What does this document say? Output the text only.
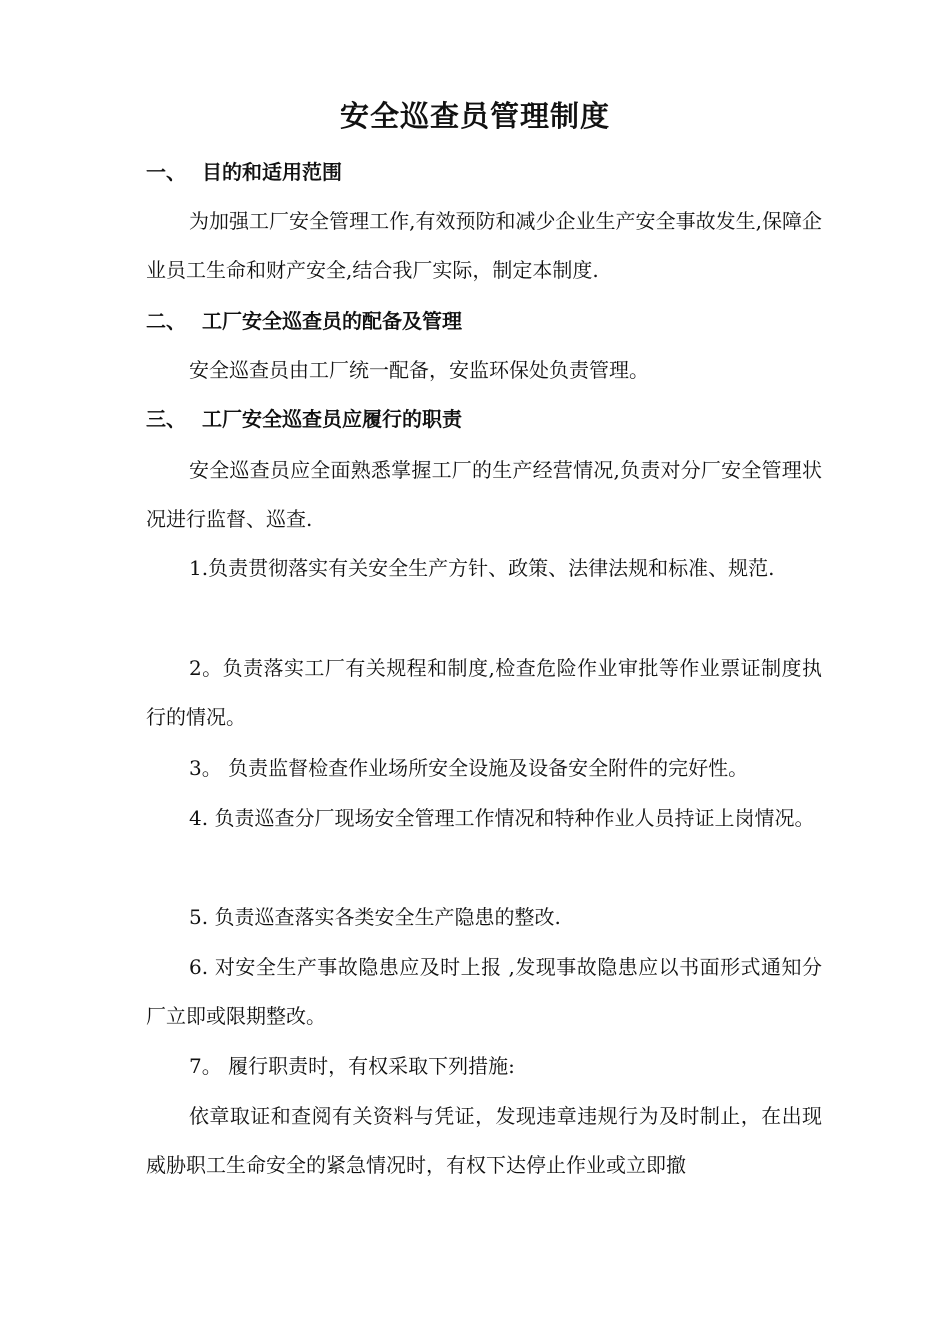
安全巡查员管理制度
一、 目的和适用范围
为加强工厂安全管理工作,有效预防和减少企业生产安全事故发生,保障企业员工生命和财产安全,结合我厂实际，制定本制度.
二、 工厂安全巡查员的配备及管理
安全巡查员由工厂统一配备，安监环保处负责管理。
三、 工厂安全巡查员应履行的职责
安全巡查员应全面熟悉掌握工厂的生产经营情况,负责对分厂安全管理状况进行监督、巡查.
1.负责贯彻落实有关安全生产方针、政策、法律法规和标准、规范.
2。负责落实工厂有关规程和制度,检查危险作业审批等作业票证制度执行的情况。
3。 负责监督检查作业场所安全设施及设备安全附件的完好性。
4. 负责巡查分厂现场安全管理工作情况和特种作业人员持证上岗情况。
5. 负责巡查落实各类安全生产隐患的整改.
6. 对安全生产事故隐患应及时上报 ,发现事故隐患应以书面形式通知分厂立即或限期整改。
7。 履行职责时，有权采取下列措施:
依章取证和查阅有关资料与凭证，发现违章违规行为及时制止，在出现威胁职工生命安全的紧急情况时，有权下达停止作业或立即撤
